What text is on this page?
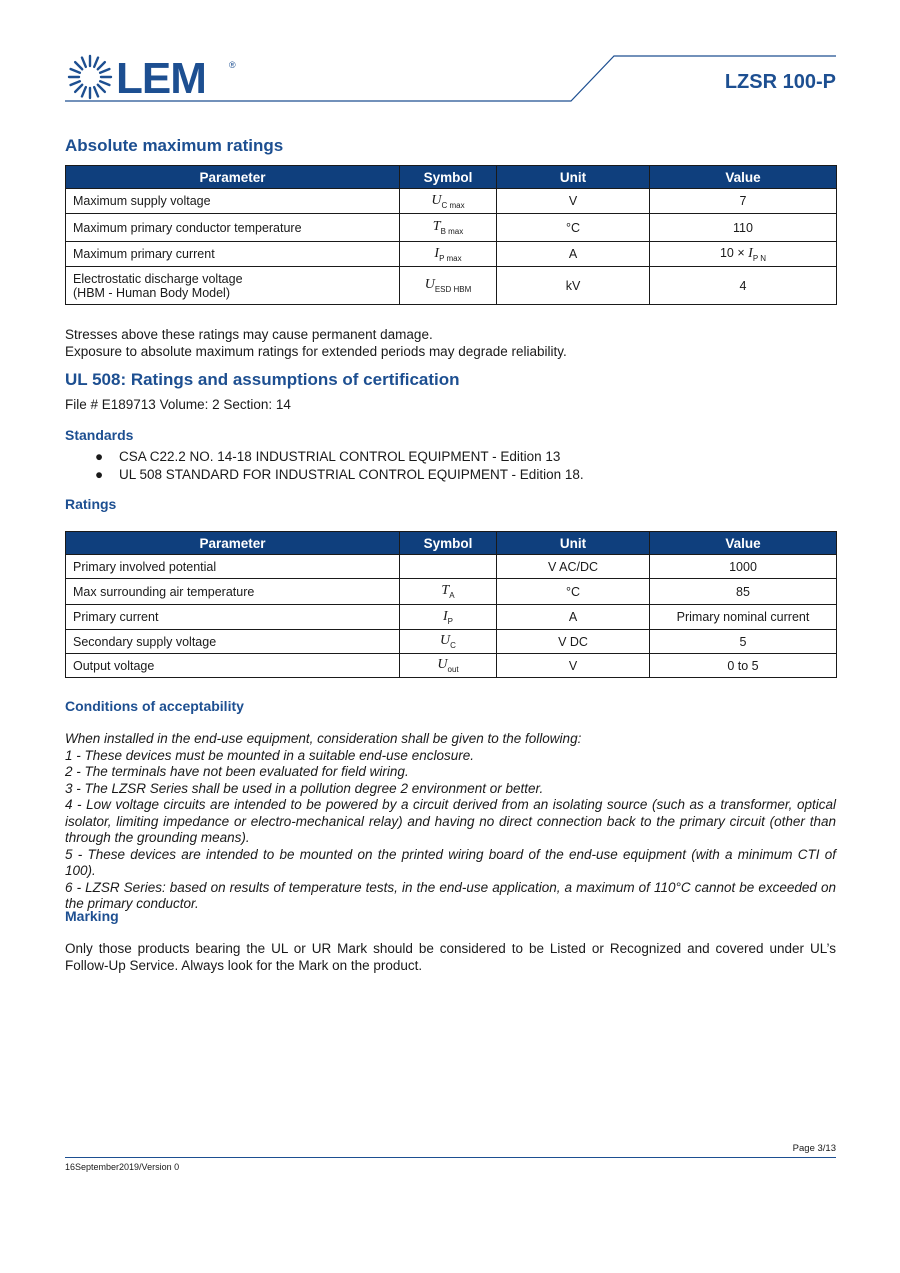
LEM	®
LZSR 100-P
Absolute maximum ratings
Parameter	Symbol	Unit	Value
Maximum supply voltage	$U_{C max}$	V	7
Maximum primary conductor temperature	$T_{B max}$	°C	110
Maximum primary current	$I_{P max}$	A	$10 \times I_{P N}$
Electrostatic discharge voltage
(HBM - Human Body Model)	$U_{ESD HBM}$	kV	4
Stresses above these ratings may cause permanent damage.
Exposure to absolute maximum ratings for extended periods may degrade reliability.
UL 508: Ratings and assumptions of certification
File # E189713 Volume: 2 Section: 14
Standards
● CSA C22.2 NO. 14-18 INDUSTRIAL CONTROL EQUIPMENT - Edition 13
● UL 508 STANDARD FOR INDUSTRIAL CONTROL EQUIPMENT - Edition 18.
Ratings
Parameter	Symbol	Unit	Value
Primary involved potential		V AC/DC	1000
Max surrounding air temperature	$T_A$	°C	85
Primary current	$I_P$	A	Primary nominal current
Secondary supply voltage	$U_C$	V DC	5
Output voltage	$U_{out}$	V	0 to 5
Conditions of acceptability
When installed in the end-use equipment, consideration shall be given to the following:
1 - These devices must be mounted in a suitable end-use enclosure.
2 - The terminals have not been evaluated for field wiring.
3 - The LZSR Series shall be used in a pollution degree 2 environment or better.
4 - Low voltage circuits are intended to be powered by a circuit derived from an isolating source (such as a transformer, optical isolator, limiting impedance or electro-mechanical relay) and having no direct connection back to the primary circuit (other than through the grounding means).
5 - These devices are intended to be mounted on the printed wiring board of the end-use equipment (with a minimum CTI of 100).
6 - LZSR Series: based on results of temperature tests, in the end-use application, a maximum of 110°C cannot be exceeded on the primary conductor.
Marking
Only those products bearing the UL or UR Mark should be considered to be Listed or Recognized and covered under UL’s Follow-Up Service. Always look for the Mark on the product.
Page 3/13
16September2019/Version 0
